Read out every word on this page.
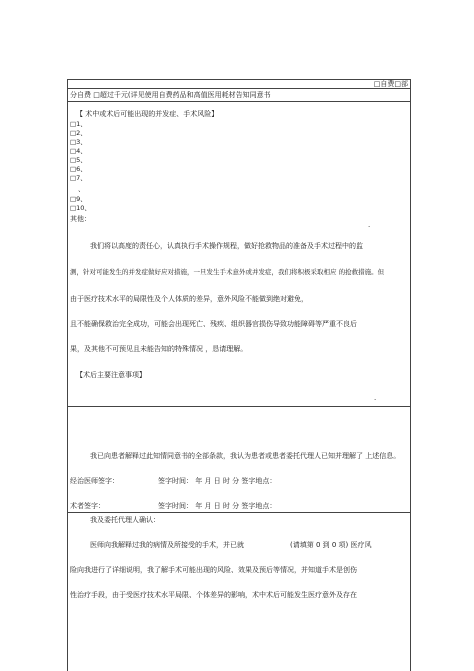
□自费□部
分自费 □超过千元(详见使用自费药品和高值医用耗材告知同意书
【 术中或术后可能出现的并发症、手术风险】
□1、
□2、
□3、
□4、
□5、
□6、
□7、
、
□9、
□10、
其他：
.
我们将以高度的责任心，认真执行手术操作规程，做好抢救物品的准备及手术过程中的监
测，针对可能发生的并发症做好应对措施，一旦发生手术意外或并发症，我们将积极采取相应 的抢救措施。但
由于医疗技术水平的局限性及个人体质的差异，意外风险不能做到绝对避免，
且不能确保救治完全成功，可能会出现死亡、残疾、组织器官损伤导致功能障碍等严重不良后
果，及其他不可预见且未能告知的特殊情况 ，恳请理解。
【术后主要注意事项】
.
我已向患者解释过此知情同意书的全部条款，我认为患者或患者委托代理人已知并理解了 上述信息。
经治医师签字：	签字时间： 年 月 日 时 分 签字地点：
术者签字：	签字时间： 年 月 日 时 分 签字地点：
我及委托代理人确认：
医师向我解释过我的病情及所接受的手术，并已就	(请填第 0 到 0 项) 医疗风
险向我进行了详细说明，我了解手术可能出现的风险、效果及预后等情况，并知道手术是创伤
性治疗手段，由于受医疗技术水平局限、个体差异的影响，术中术后可能发生医疗意外及存在
